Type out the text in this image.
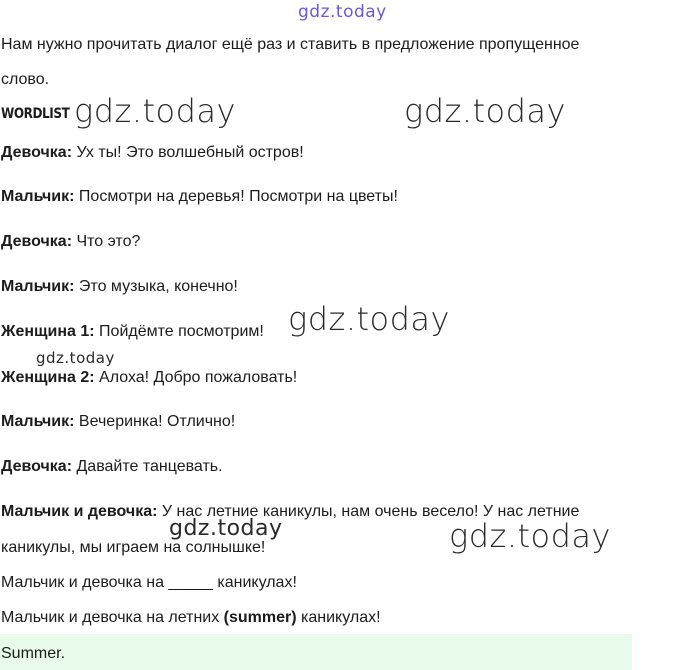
gdz.today
gdz.today	gdz.today
gdz.today
gdz.today
gdz.today	gdz.today
Нам нужно прочитать диалог ещё раз и ставить в предложение пропущенное
слово.
WORDLIST
Девочка: Ух ты! Это волшебный остров!
Мальчик: Посмотри на деревья! Посмотри на цветы!
Девочка: Что это?
Мальчик: Это музыка, конечно!
Женщина 1: Пойдёмте посмотрим!
Женщина 2: Алоха! Добро пожаловать!
Мальчик: Вечеринка! Отлично!
Девочка: Давайте танцевать.
Мальчик и девочка: У нас летние каникулы, нам очень весело! У нас летние
каникулы, мы играем на солнышке!
Мальчик и девочка на _____ каникулах!
Мальчик и девочка на летних (summer) каникулах!
Summer.
